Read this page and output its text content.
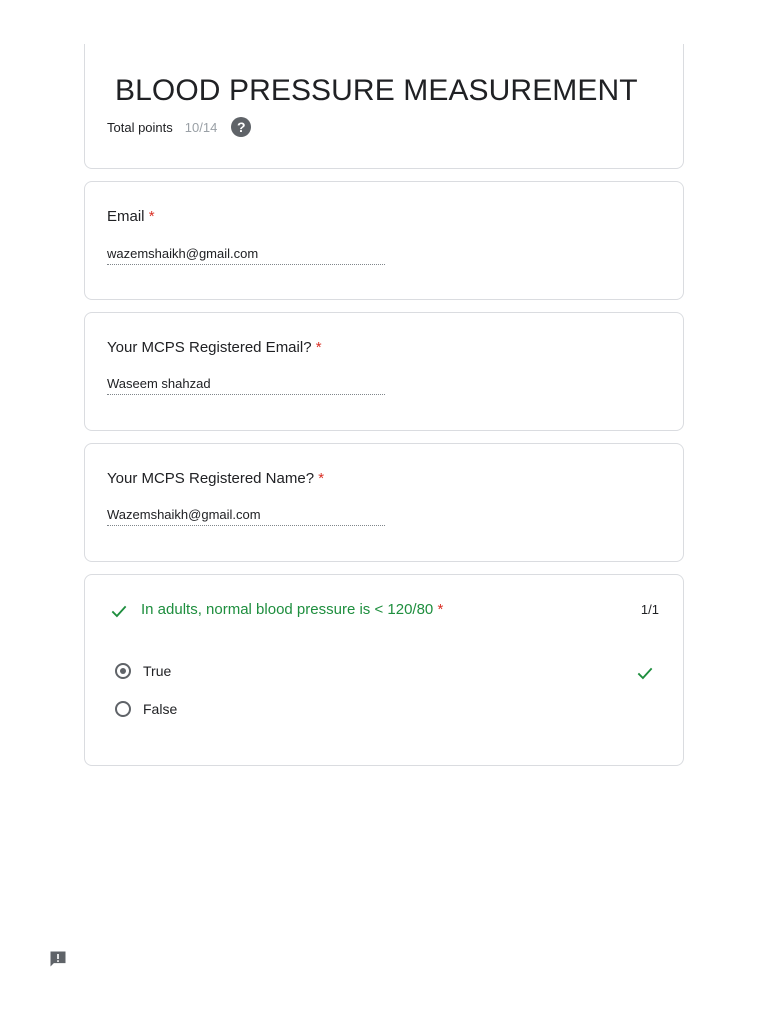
BLOOD PRESSURE MEASUREMENT
Total points 10/14	?
Email *
wazemshaikh@gmail.com
Your MCPS Registered Email? *
Waseem shahzad
Your MCPS Registered Name? *
Wazemshaikh@gmail.com
In adults, normal blood pressure is < 120/80 *	1/1
True
False
